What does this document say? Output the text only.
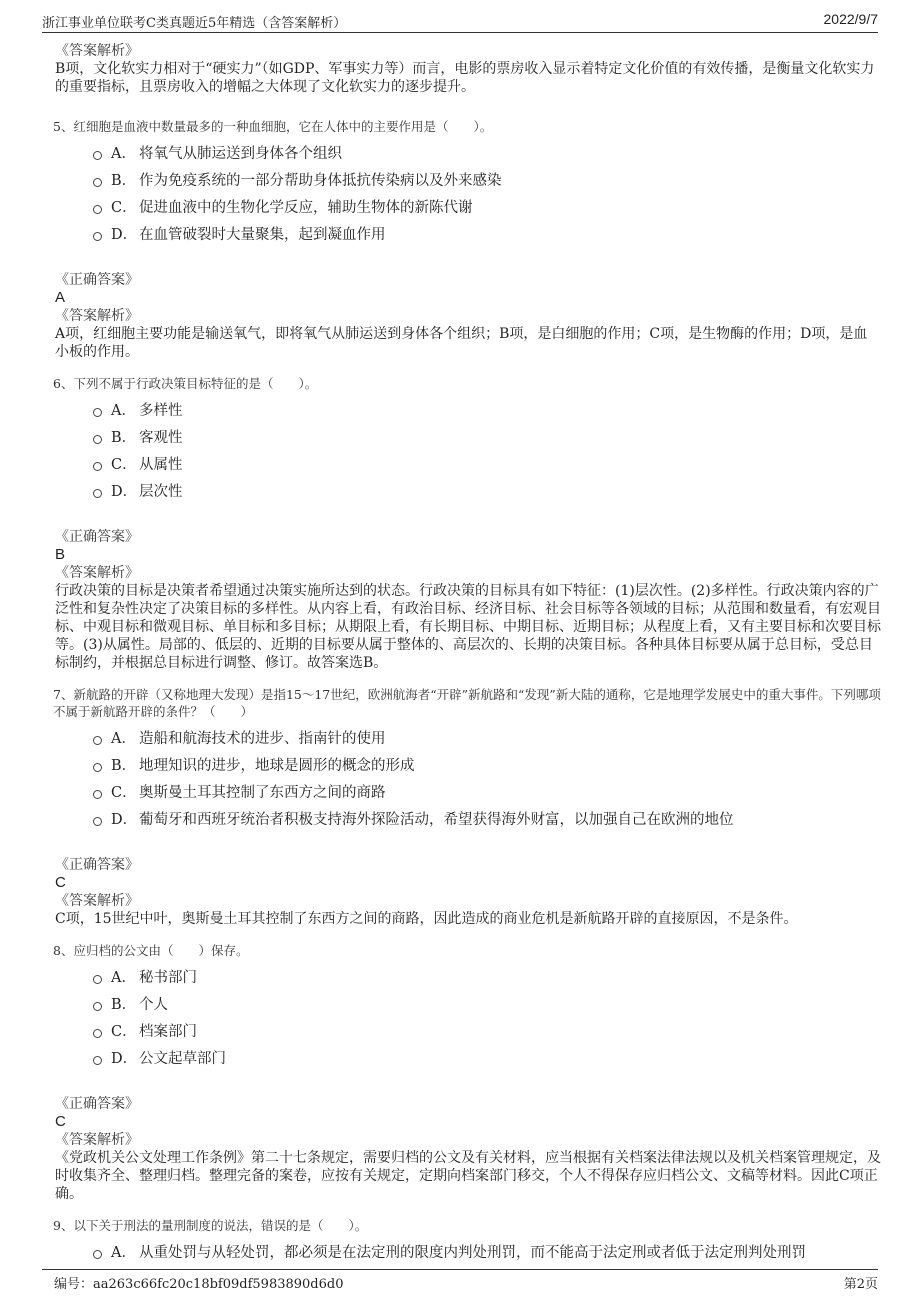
浙江事业单位联考C类真题近5年精选（含答案解析）	2022/9/7
《答案解析》
B项，文化软实力相对于“硬实力”（如GDP、军事实力等）而言，电影的票房收入显示着特定文化价值的有效传播，是衡量文化软实力的重要指标，且票房收入的增幅之大体现了文化软实力的逐步提升。
5、红细胞是血液中数量最多的一种血细胞，它在人体中的主要作用是（　　）。
A． 将氧气从肺运送到身体各个组织
B． 作为免疫系统的一部分帮助身体抵抗传染病以及外来感染
C． 促进血液中的生物化学反应，辅助生物体的新陈代谢
D． 在血管破裂时大量聚集，起到凝血作用
《正确答案》
A
《答案解析》
A项，红细胞主要功能是输送氧气，即将氧气从肺运送到身体各个组织；B项，是白细胞的作用；C项，是生物酶的作用；D项，是血小板的作用。
6、下列不属于行政决策目标特征的是（　　）。
A． 多样性
B． 客观性
C． 从属性
D． 层次性
《正确答案》
B
《答案解析》
行政决策的目标是决策者希望通过决策实施所达到的状态。行政决策的目标具有如下特征：(1)层次性。(2)多样性。行政决策内容的广泛性和复杂性决定了决策目标的多样性。从内容上看，有政治目标、经济目标、社会目标等各领域的目标；从范围和数量看，有宏观目标、中观目标和微观目标、单目标和多目标；从期限上看，有长期目标、中期目标、近期目标；从程度上看，又有主要目标和次要目标等。(3)从属性。局部的、低层的、近期的目标要从属于整体的、高层次的、长期的决策目标。各种具体目标要从属于总目标，受总目标制约，并根据总目标进行调整、修订。故答案选B。
7、新航路的开辟（又称地理大发现）是指15～17世纪，欧洲航海者“开辟”新航路和“发现”新大陆的通称，它是地理学发展史中的重大事件。下列哪项不属于新航路开辟的条件？（　　）
A． 造船和航海技术的进步、指南针的使用
B． 地理知识的进步，地球是圆形的概念的形成
C． 奥斯曼土耳其控制了东西方之间的商路
D． 葡萄牙和西班牙统治者积极支持海外探险活动，希望获得海外财富，以加强自己在欧洲的地位
《正确答案》
C
《答案解析》
C项，15世纪中叶，奥斯曼土耳其控制了东西方之间的商路，因此造成的商业危机是新航路开辟的直接原因，不是条件。
8、应归档的公文由（　　）保存。
A． 秘书部门
B． 个人
C． 档案部门
D． 公文起草部门
《正确答案》
C
《答案解析》
《党政机关公文处理工作条例》第二十七条规定，需要归档的公文及有关材料，应当根据有关档案法律法规以及机关档案管理规定，及时收集齐全、整理归档。整理完备的案卷，应按有关规定，定期向档案部门移交，个人不得保存应归档公文、文稿等材料。因此C项正确。
9、以下关于刑法的量刑制度的说法，错误的是（　　）。
A． 从重处罚与从轻处罚，都必须是在法定刑的限度内判处刑罚，而不能高于法定刑或者低于法定刑判处刑罚
编号：aa263c66fc20c18bf09df5983890d6d0	第2页
